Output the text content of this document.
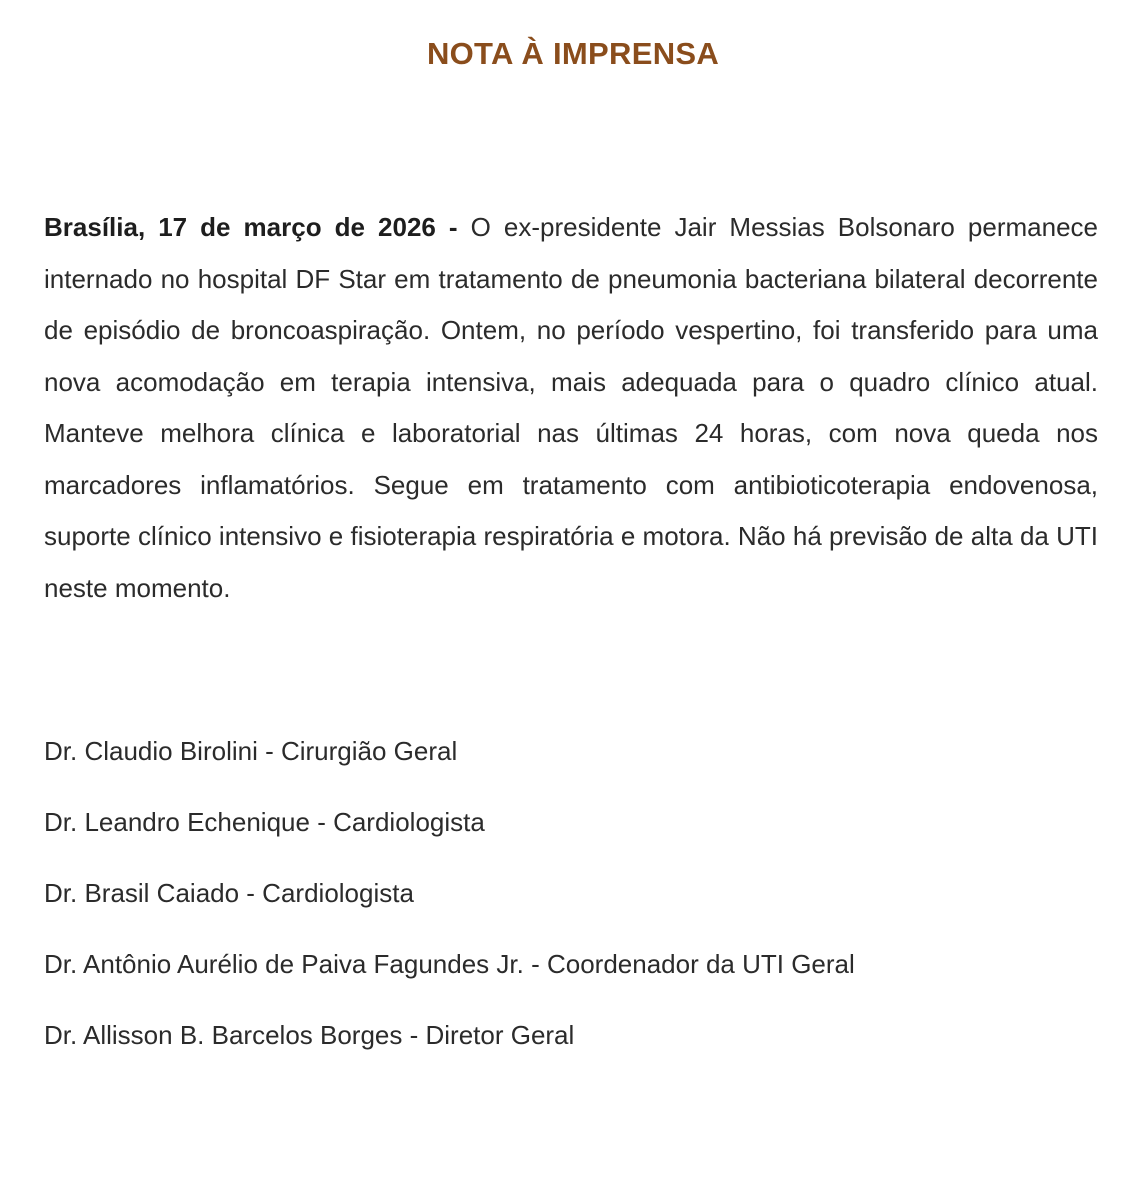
NOTA À IMPRENSA

Brasília, 17 de março de 2026 - O ex-presidente Jair Messias Bolsonaro permanece internado no hospital DF Star em tratamento de pneumonia bacteriana bilateral decorrente de episódio de broncoaspiração. Ontem, no período vespertino, foi transferido para uma nova acomodação em terapia intensiva, mais adequada para o quadro clínico atual. Manteve melhora clínica e laboratorial nas últimas 24 horas, com nova queda nos marcadores inflamatórios. Segue em tratamento com antibioticoterapia endovenosa, suporte clínico intensivo e fisioterapia respiratória e motora. Não há previsão de alta da UTI neste momento.

Dr. Claudio Birolini - Cirurgião Geral
Dr. Leandro Echenique - Cardiologista
Dr. Brasil Caiado - Cardiologista
Dr. Antônio Aurélio de Paiva Fagundes Jr. - Coordenador da UTI Geral
Dr. Allisson B. Barcelos Borges - Diretor Geral
